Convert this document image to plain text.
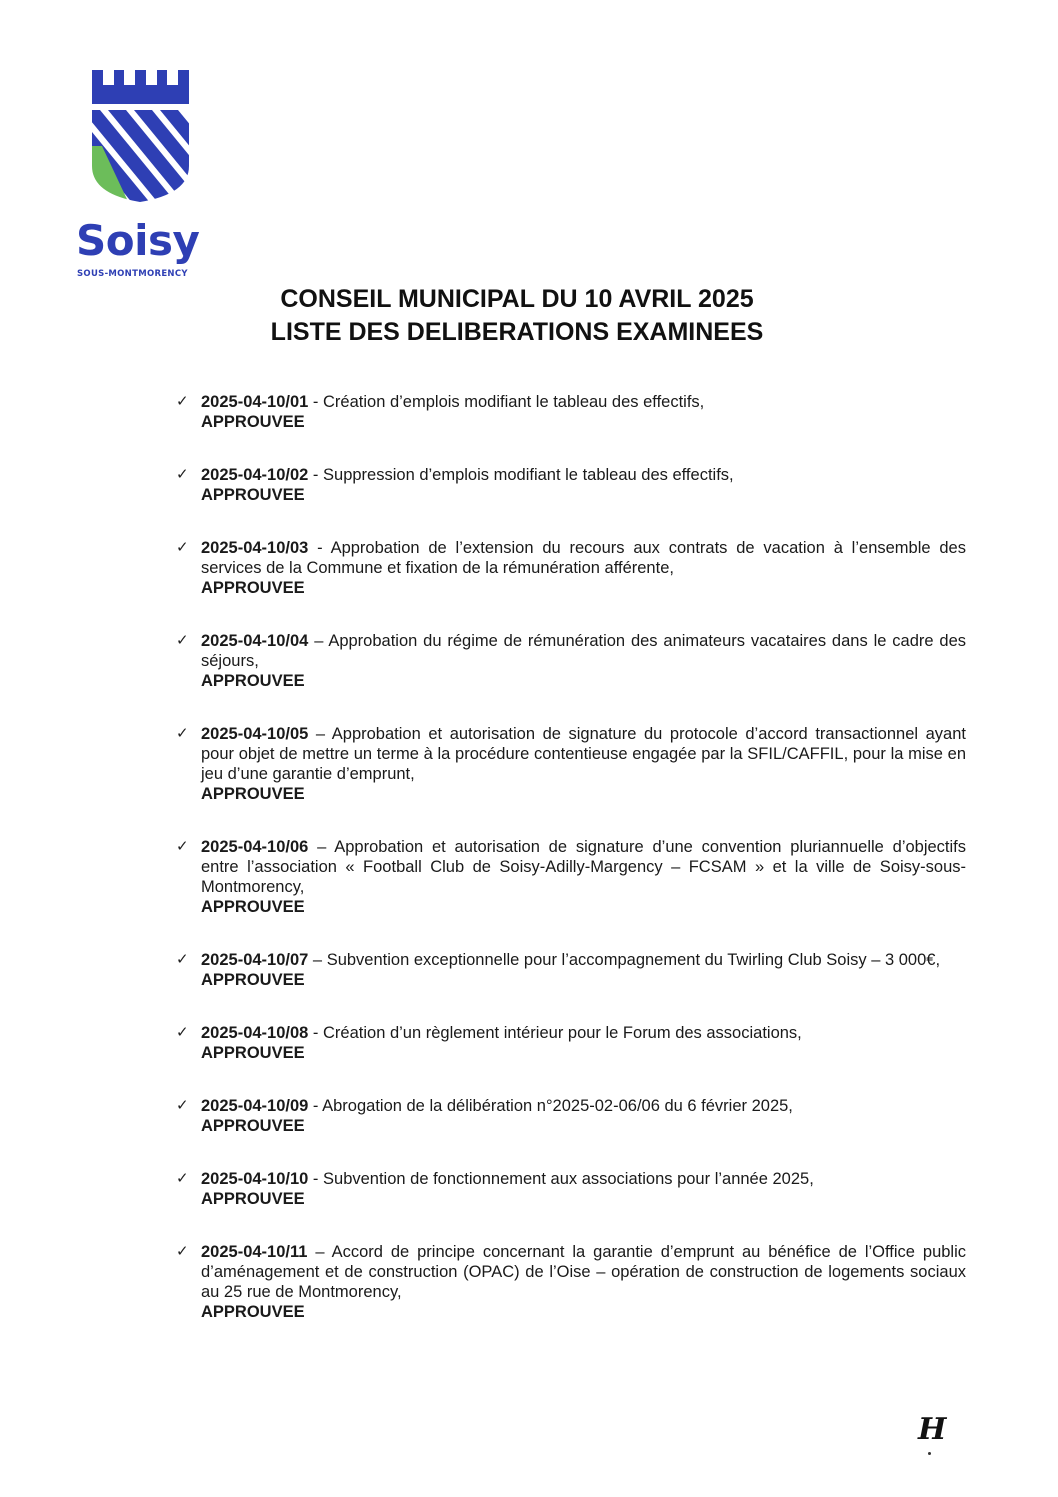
Soisy
SOUS-MONTMORENCY
CONSEIL MUNICIPAL DU 10 AVRIL 2025
LISTE DES DELIBERATIONS EXAMINEES
✓ 2025-04-10/01 - Création d’emplois modifiant le tableau des effectifs,

APPROUVEE
✓ 2025-04-10/02 - Suppression d’emplois modifiant le tableau des effectifs,

APPROUVEE
✓ 2025-04-10/03 - Approbation de l’extension du recours aux contrats de vacation à l’ensemble des services de la Commune et fixation de la rémunération afférente,

APPROUVEE
✓ 2025-04-10/04 – Approbation du régime de rémunération des animateurs vacataires dans le cadre des séjours,

APPROUVEE
✓ 2025-04-10/05 – Approbation et autorisation de signature du protocole d’accord transactionnel ayant pour objet de mettre un terme à la procédure contentieuse engagée par la SFIL/CAFFIL, pour la mise en jeu d’une garantie d’emprunt,

APPROUVEE
✓ 2025-04-10/06 – Approbation et autorisation de signature d’une convention pluriannuelle d’objectifs entre l’association « Football Club de Soisy-Adilly-Margency – FCSAM » et la ville de Soisy-sous-Montmorency,

APPROUVEE
✓ 2025-04-10/07 – Subvention exceptionnelle pour l’accompagnement du Twirling Club Soisy – 3 000€,

APPROUVEE
✓ 2025-04-10/08 - Création d’un règlement intérieur pour le Forum des associations,

APPROUVEE
✓ 2025-04-10/09 - Abrogation de la délibération n°2025-02-06/06 du 6 février 2025,

APPROUVEE
✓ 2025-04-10/10 - Subvention de fonctionnement aux associations pour l’année 2025,

APPROUVEE
✓ 2025-04-10/11 – Accord de principe concernant la garantie d’emprunt au bénéfice de l’Office public d’aménagement et de construction (OPAC) de l’Oise – opération de construction de logements sociaux au 25 rue de Montmorency,

APPROUVEE
H
